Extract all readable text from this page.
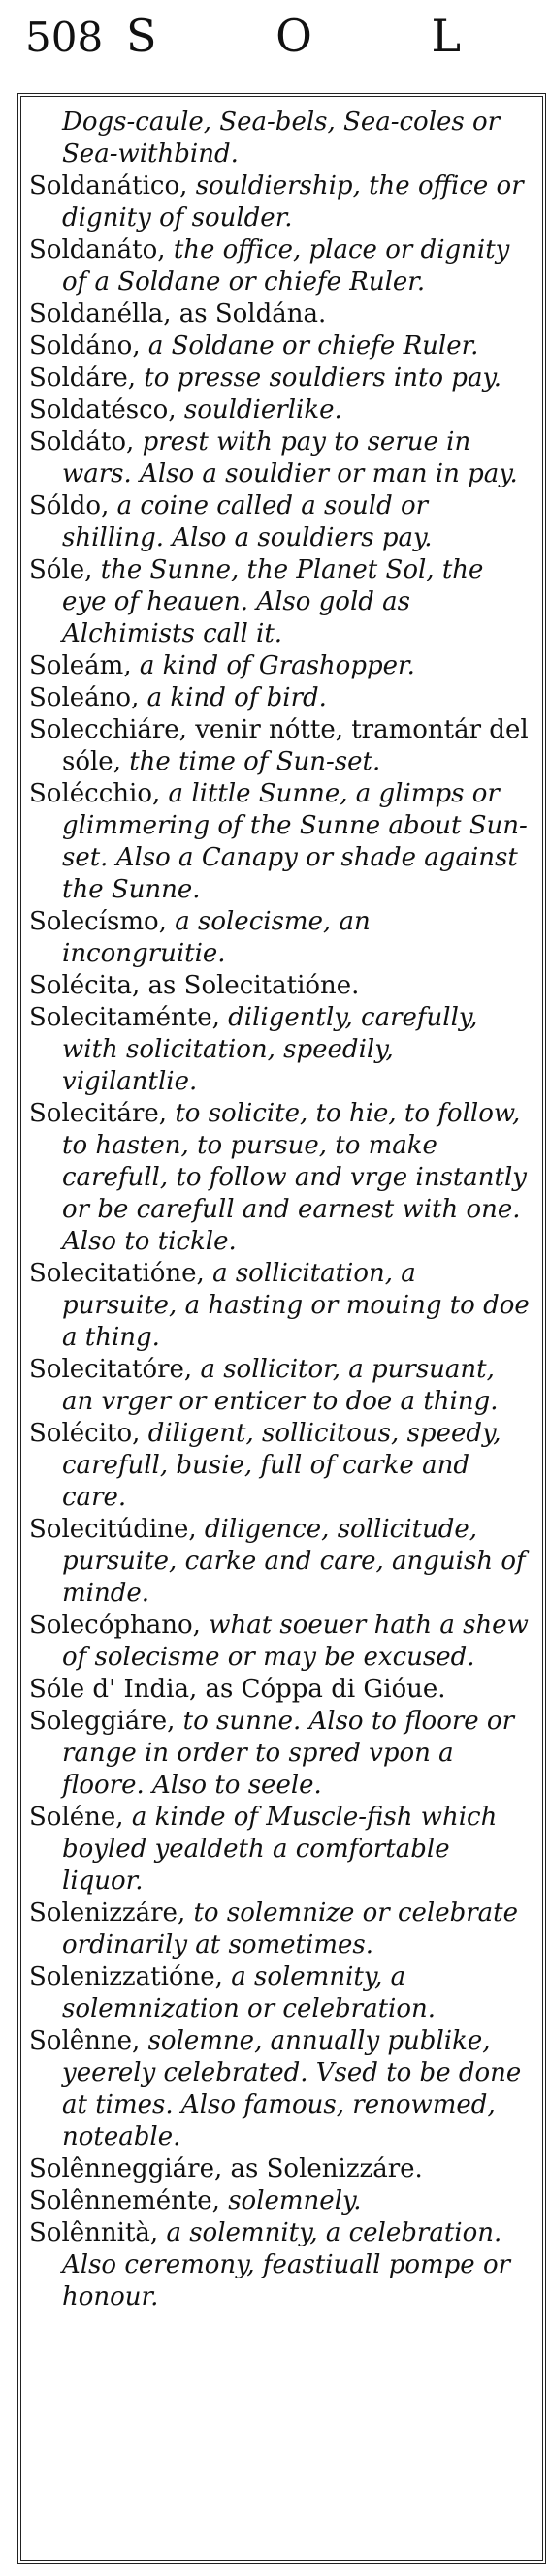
508 S O L

Dogs-caule, Sea-bels, Sea-coles or Sea-withbind.

Soldanático, souldiership, the office or dignity of soulder.

Soldanáto, the office, place or dignity of a Soldane or chiefe Ruler.

Soldanélla, as Soldána.

Soldáno, a Soldane or chiefe Ruler.

Soldáre, to presse souldiers into pay.

Soldatésco, souldierlike.

Soldáto, prest with pay to serue in wars. Also a souldier or man in pay.

Sóldo, a coine called a sould or shilling. Also a souldiers pay.

Sóle, the Sunne, the Planet Sol, the eye of heauen. Also gold as Alchimists call it.

Soleám, a kind of Grashopper.

Soleáno, a kind of bird.

Solecchiáre, venir nótte, tramontár del sóle, the time of Sun-set.

Solécchio, a little Sunne, a glimps or glimmering of the Sunne about Sun-set. Also a Canapy or shade against the Sunne.

Solecísmo, a solecisme, an incongruitie.

Solécita, as Solecitatióne.

Solecitaménte, diligently, carefully, with solicitation, speedily, vigilantlie.

Solecitáre, to solicite, to hie, to follow, to hasten, to pursue, to make carefull, to follow and vrge instantly or be carefull and earnest with one. Also to tickle.

Solecitatióne, a sollicitation, a pursuite, a hasting or mouing to doe a thing.

Solecitatóre, a sollicitor, a pursuant, an vrger or enticer to doe a thing.

Solécito, diligent, sollicitous, speedy, carefull, busie, full of carke and care.

Solecitúdine, diligence, sollicitude, pursuite, carke and care, anguish of minde.

Solecóphano, what soeuer hath a shew of solecisme or may be excused.

Sóle d' India, as Cóppa di Gióue.

Soleggiáre, to sunne. Also to floore or range in order to spred vpon a floore. Also to seele.

Soléne, a kinde of Muscle-fish which boyled yealdeth a comfortable liquor.

Solenizzáre, to solemnize or celebrate ordinarily at sometimes.

Solenizzatióne, a solemnity, a solemnization or celebration.

Solênne, solemne, annually publike, yeerely celebrated. Vsed to be done at times. Also famous, renowmed, noteable.

Solênneggiáre, as Solenizzáre.

Solênneménte, solemnely.

Solênnità, a solemnity, a celebration. Also ceremony, feastiuall pompe or honour.
